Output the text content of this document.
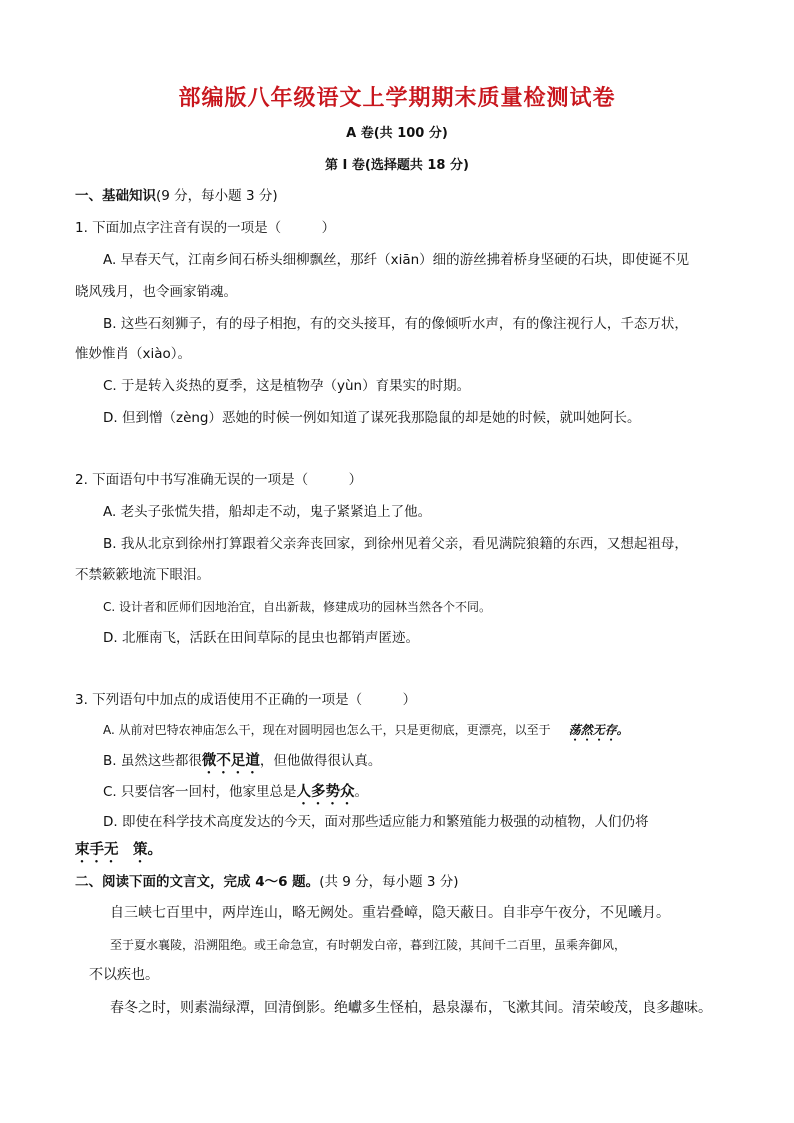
部编版八年级语文上学期期末质量检测试卷
A 卷(共 100 分)
第 I 卷(选择题共 18 分)
一、基础知识(9 分，每小题 3 分)
1. 下面加点字注音有误的一项是（　　　）
A. 早春天气，江南乡间石桥头细柳飘丝，那纤（xiān）细的游丝拂着桥身坚硬的石块，即使诞不见
晓风残月，也令画家销魂。
B. 这些石刻狮子，有的母子相抱，有的交头接耳，有的像倾听水声，有的像注视行人，千态万状，
惟妙惟肖（xiào）。
C. 于是转入炎热的夏季，这是植物孕（yùn）育果实的时期。
D. 但到憎（zèng）恶她的时候一例如知道了谋死我那隐鼠的却是她的时候，就叫她阿长。
2. 下面语句中书写准确无误的一项是（　　　）
A. 老头子张慌失措，船却走不动，鬼子紧紧追上了他。
B. 我从北京到徐州打算跟着父亲奔丧回家，到徐州见着父亲，看见满院狼籍的东西，又想起祖母，
不禁簌簌地流下眼泪。
C. 设计者和匠师们因地治宜，自出新裁，修建成功的园林当然各个不同。
D. 北雁南飞，活跃在田间草际的昆虫也都销声匿迹。
3. 下列语句中加点的成语使用不正确的一项是（　　　）
A. 从前对巴特农神庙怎么干，现在对圆明园也怎么干，只是更彻底，更漂亮，以至于 荡然无存。
B. 虽然这些都很微不足道，但他做得很认真。
C. 只要信客一回村，他家里总是人多势众。
D. 即使在科学技术高度发达的今天，面对那些适应能力和繁殖能力极强的动植物，人们仍将
束手无　策。
二、阅读下面的文言文，完成 4～6 题。(共 9 分，每小题 3 分)
自三峡七百里中，两岸连山，略无阙处。重岩叠嶂，隐天蔽日。自非亭午夜分，不见曦月。
至于夏水襄陵，沿溯阻绝。或王命急宣，有时朝发白帝，暮到江陵，其间千二百里，虽乘奔御风，
不以疾也。
春冬之时，则素湍绿潭，回清倒影。绝巘多生怪柏，悬泉瀑布，飞漱其间。清荣峻茂，良多趣味。
